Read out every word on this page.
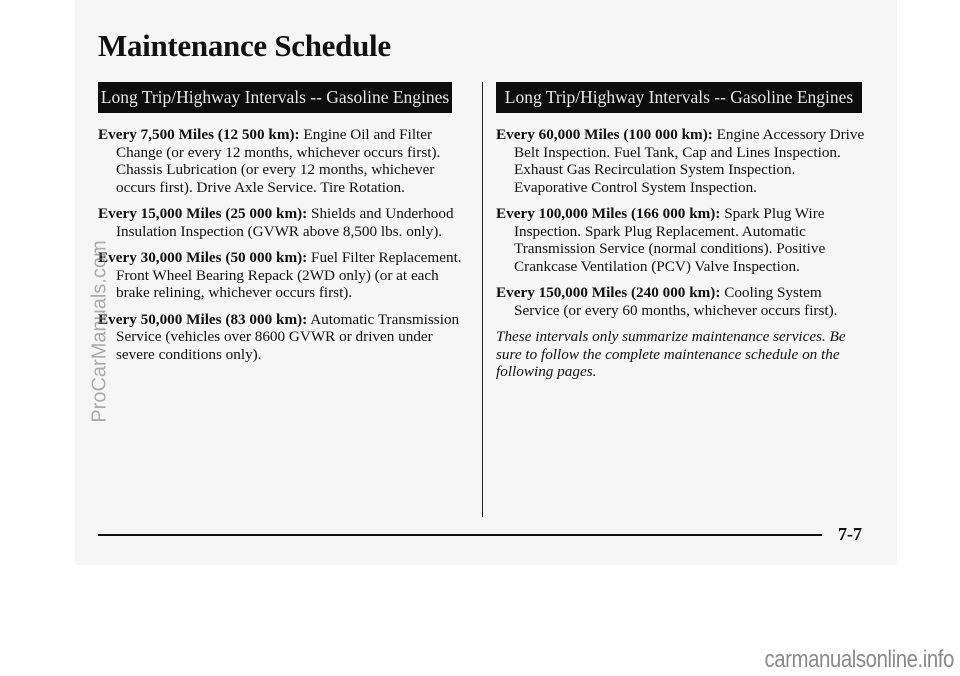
Maintenance Schedule
Long Trip/Highway Intervals -- Gasoline Engines	Long Trip/Highway Intervals -- Gasoline Engines
Every 7,500 Miles (12 500 km): Engine Oil and Filter Change (or every 12 months, whichever occurs first). Chassis Lubrication (or every 12 months, whichever occurs first). Drive Axle Service. Tire Rotation.
Every 15,000 Miles (25 000 km): Shields and Underhood Insulation Inspection (GVWR above 8,500 lbs. only).
Every 30,000 Miles (50 000 km): Fuel Filter Replacement. Front Wheel Bearing Repack (2WD only) (or at each brake relining, whichever occurs first).
Every 50,000 Miles (83 000 km): Automatic Transmission Service (vehicles over 8600 GVWR or driven under severe conditions only).
Every 60,000 Miles (100 000 km): Engine Accessory Drive Belt Inspection. Fuel Tank, Cap and Lines Inspection. Exhaust Gas Recirculation System Inspection. Evaporative Control System Inspection.
Every 100,000 Miles (166 000 km): Spark Plug Wire Inspection. Spark Plug Replacement. Automatic Transmission Service (normal conditions). Positive Crankcase Ventilation (PCV) Valve Inspection.
Every 150,000 Miles (240 000 km): Cooling System Service (or every 60 months, whichever occurs first).
These intervals only summarize maintenance services. Be sure to follow the complete maintenance schedule on the following pages.
7-7
ProCarManuals.com
carmanualsonline.info
